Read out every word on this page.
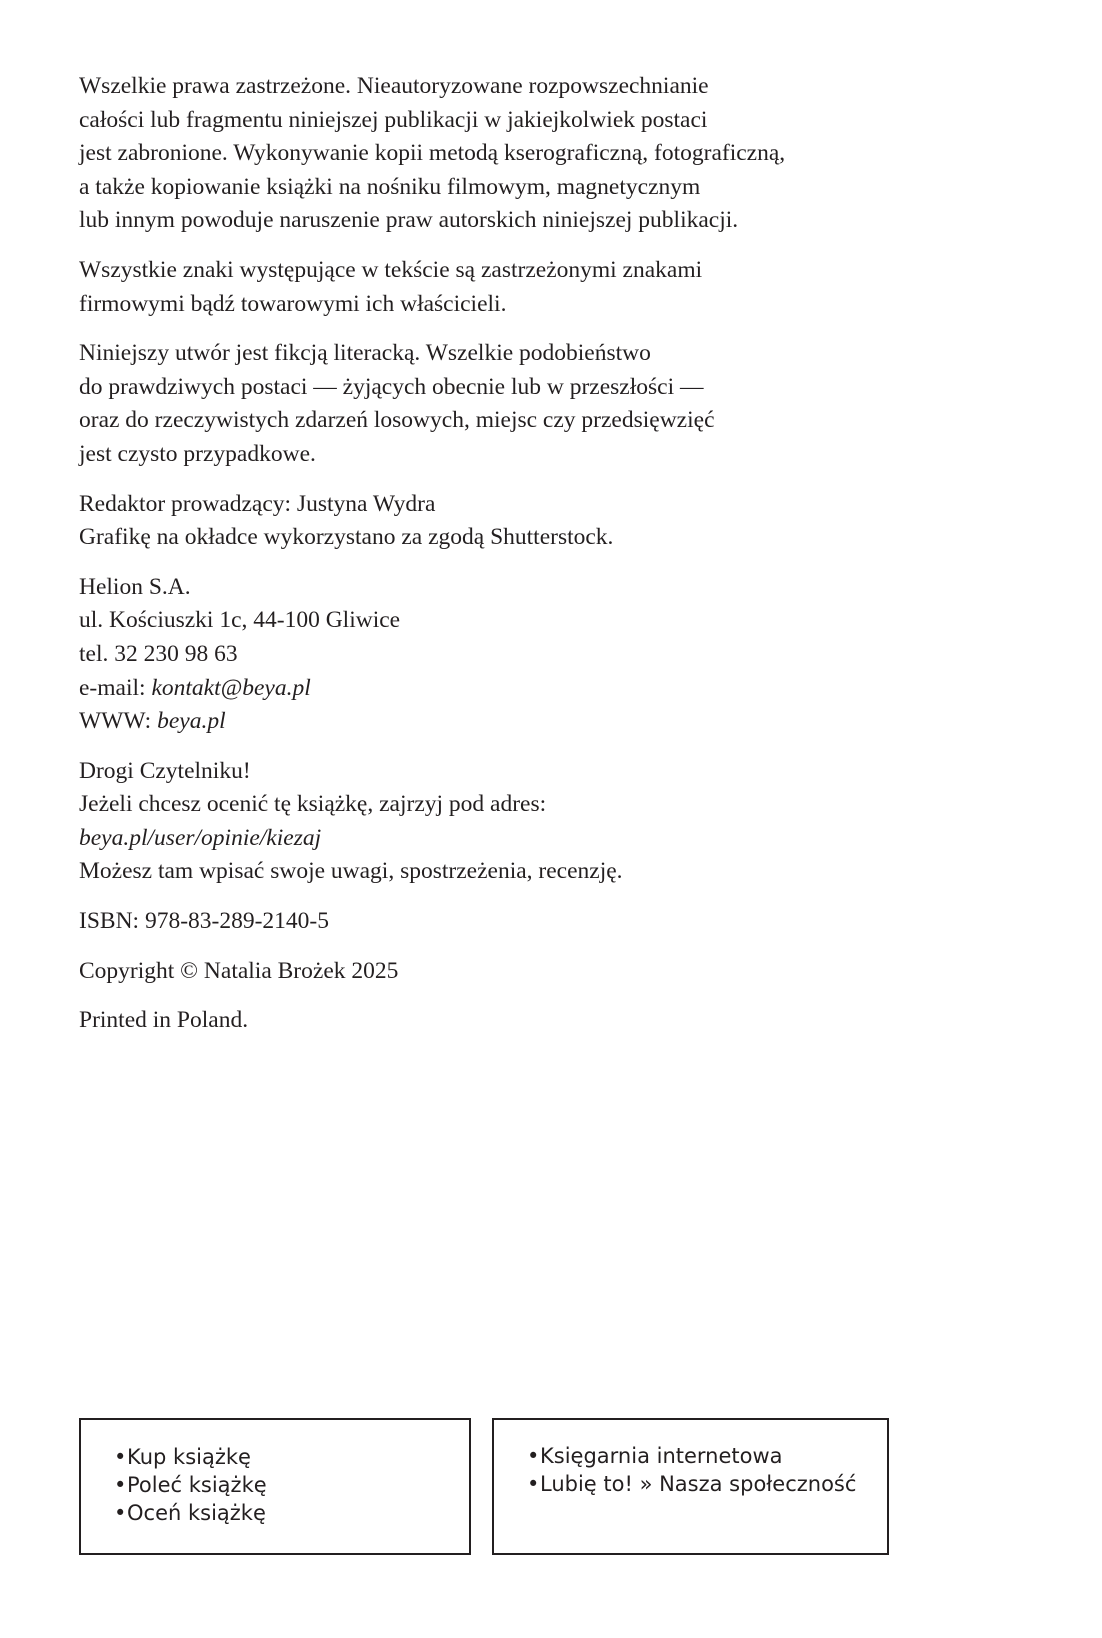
Wszelkie prawa zastrzeżone. Nieautoryzowane rozpowszechnianie
całości lub fragmentu niniejszej publikacji w jakiejkolwiek postaci
jest zabronione. Wykonywanie kopii metodą kserograficzną, fotograficzną,
a także kopiowanie książki na nośniku filmowym, magnetycznym
lub innym powoduje naruszenie praw autorskich niniejszej publikacji.
Wszystkie znaki występujące w tekście są zastrzeżonymi znakami
firmowymi bądź towarowymi ich właścicieli.
Niniejszy utwór jest fikcją literacką. Wszelkie podobieństwo
do prawdziwych postaci — żyjących obecnie lub w przeszłości —
oraz do rzeczywistych zdarzeń losowych, miejsc czy przedsięwzięć
jest czysto przypadkowe.
Redaktor prowadzący: Justyna Wydra
Grafikę na okładce wykorzystano za zgodą Shutterstock.
Helion S.A.
ul. Kościuszki 1c, 44-100 Gliwice
tel. 32 230 98 63
e-mail: kontakt@beya.pl
WWW: beya.pl
Drogi Czytelniku!
Jeżeli chcesz ocenić tę książkę, zajrzyj pod adres:
beya.pl/user/opinie/kiezaj
Możesz tam wpisać swoje uwagi, spostrzeżenia, recenzję.
ISBN: 978-83-289-2140-5
Copyright © Natalia Brożek 2025
Printed in Poland.
•Kup książkę
•Poleć książkę
•Oceń książkę
•Księgarnia internetowa
•Lubię to! » Nasza społeczność
